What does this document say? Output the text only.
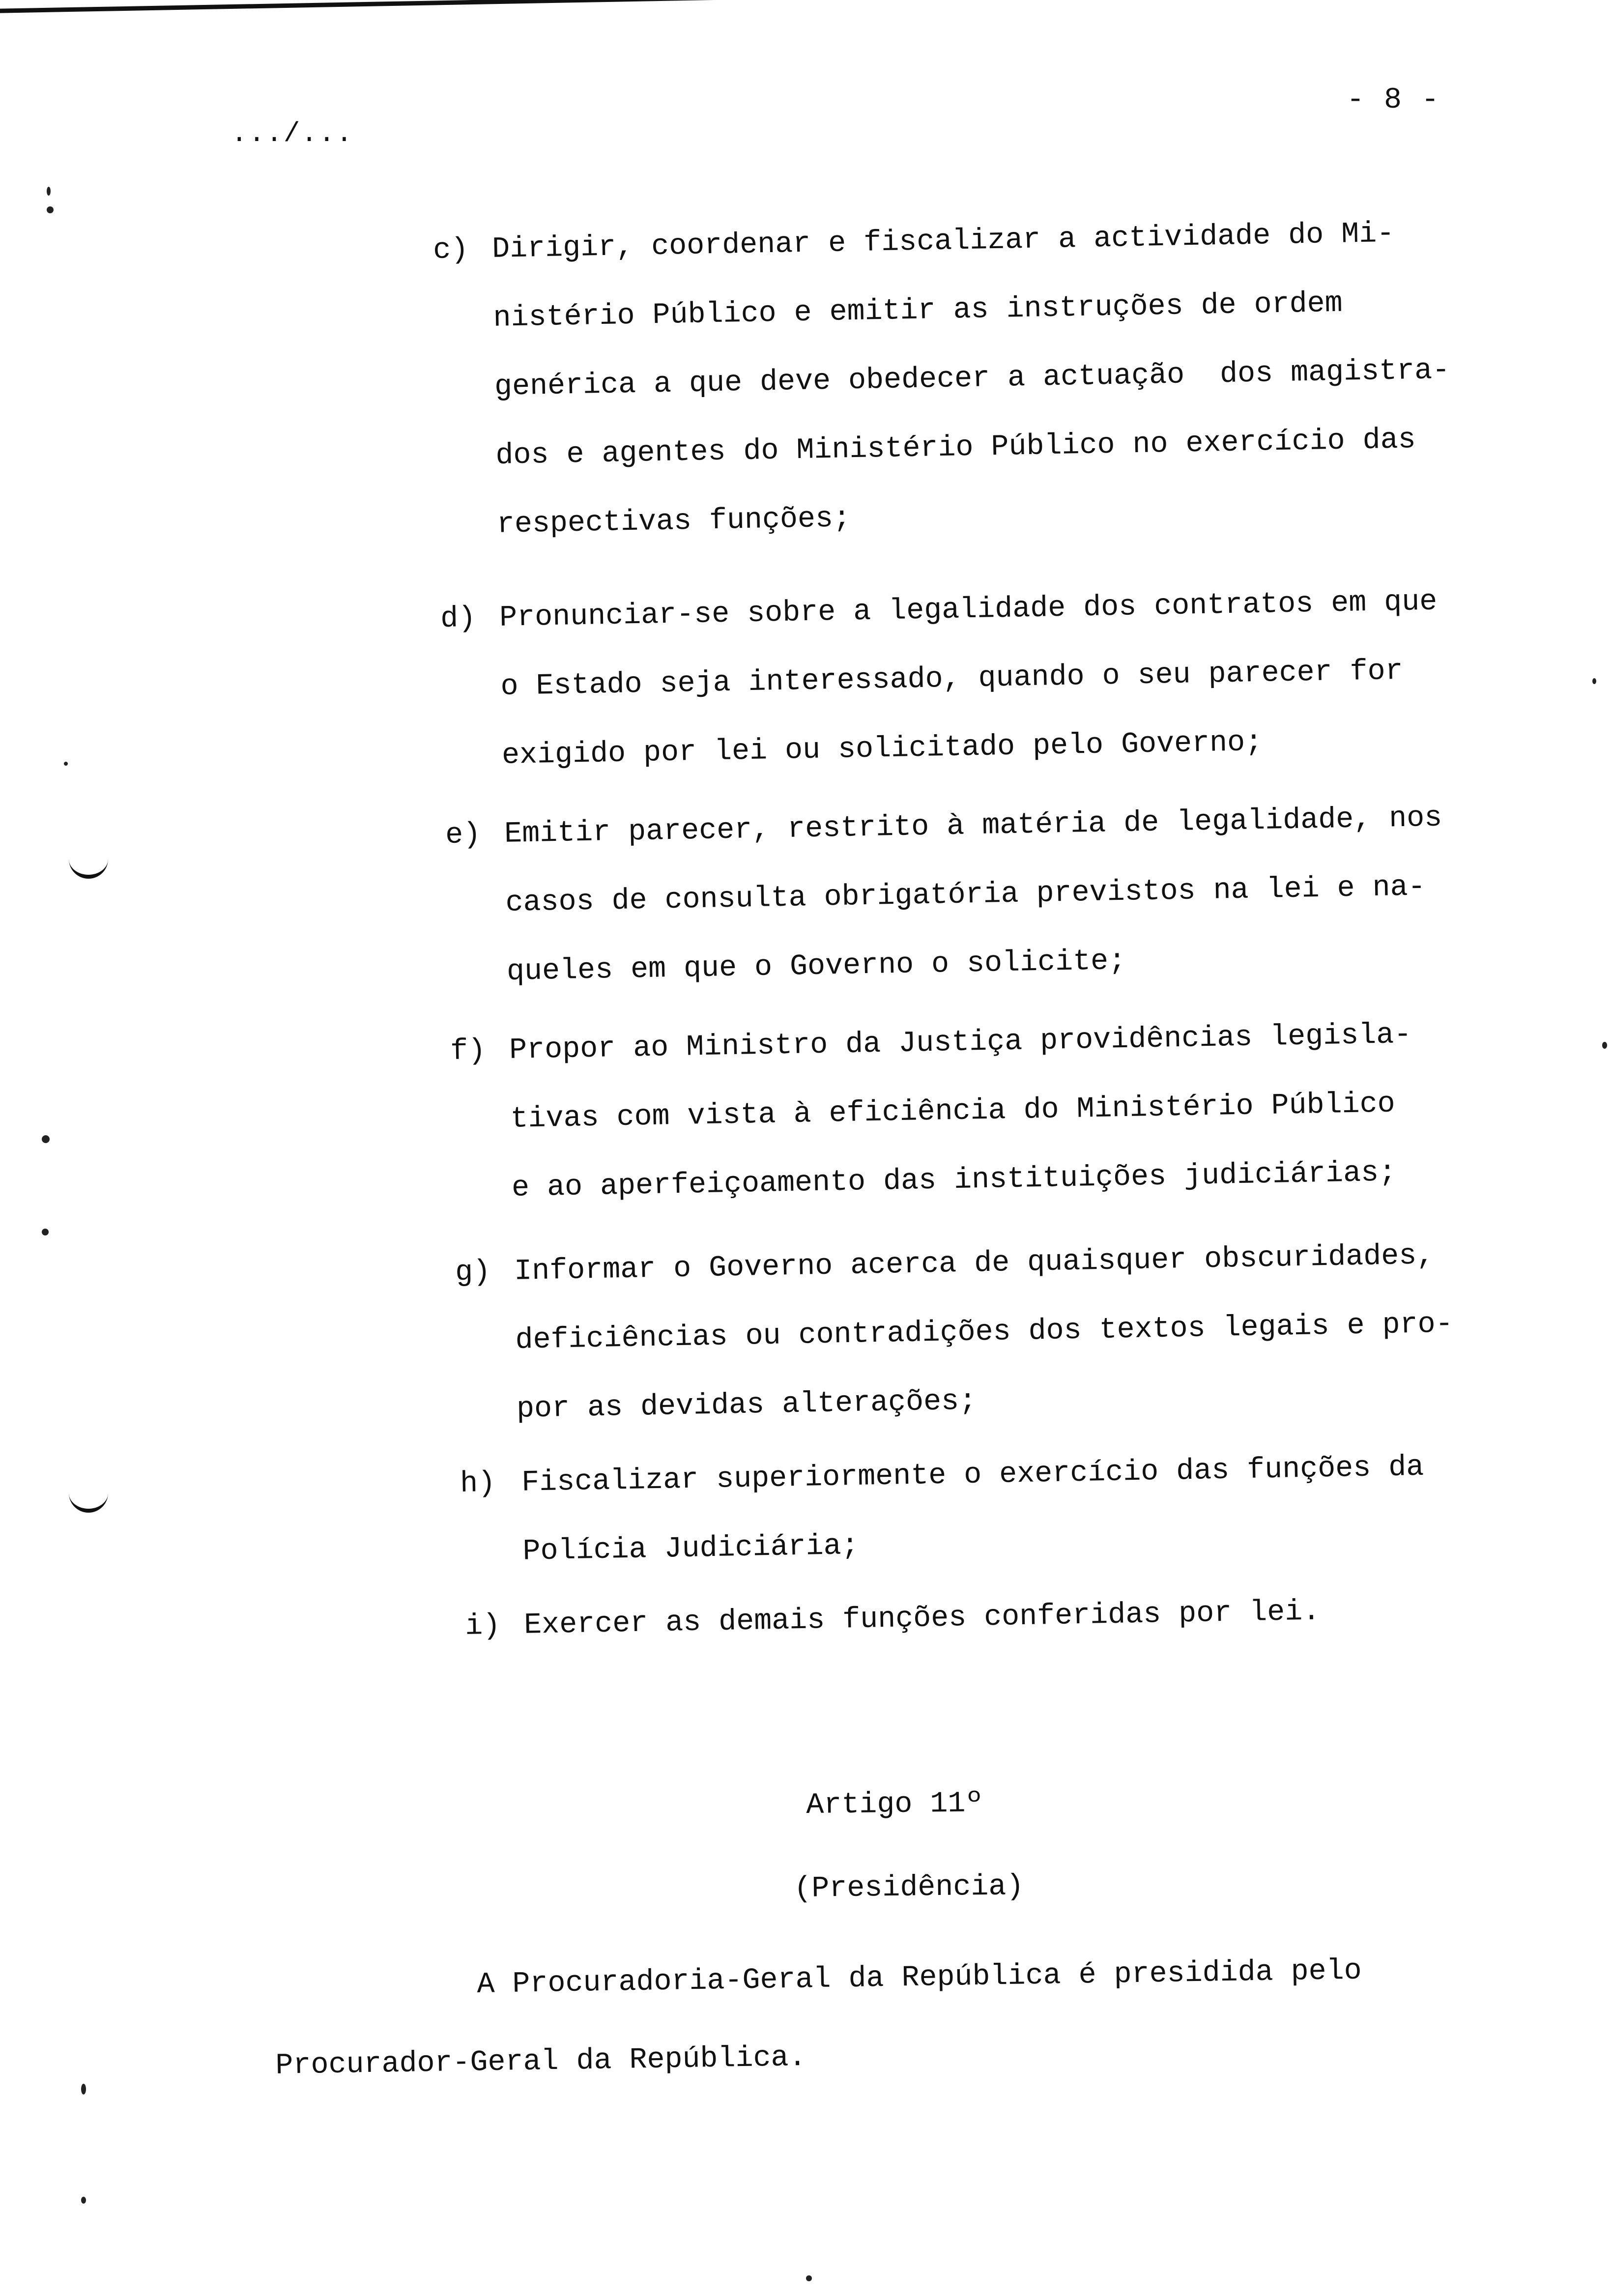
- 8 -
.../...
c) Dirigir, coordenar e fiscalizar a actividade do Mi-
nistério Público e emitir as instruções de ordem
genérica a que deve obedecer a actuação  dos magistra-
dos e agentes do Ministério Público no exercício das
respectivas funções;
d) Pronunciar-se sobre a legalidade dos contratos em que
o Estado seja interessado, quando o seu parecer for
exigido por lei ou solicitado pelo Governo;
e) Emitir parecer, restrito à matéria de legalidade, nos
casos de consulta obrigatória previstos na lei e na-
queles em que o Governo o solicite;
f) Propor ao Ministro da Justiça providências legisla-
tivas com vista à eficiência do Ministério Público
e ao aperfeiçoamento das instituições judiciárias;
g) Informar o Governo acerca de quaisquer obscuridades,
deficiências ou contradições dos textos legais e pro-
por as devidas alterações;
h) Fiscalizar superiormente o exercício das funções da
Polícia Judiciária;
i) Exercer as demais funções conferidas por lei.
Artigo 11º
(Presidência)
A Procuradoria-Geral da República é presidida pelo
Procurador-Geral da República.
